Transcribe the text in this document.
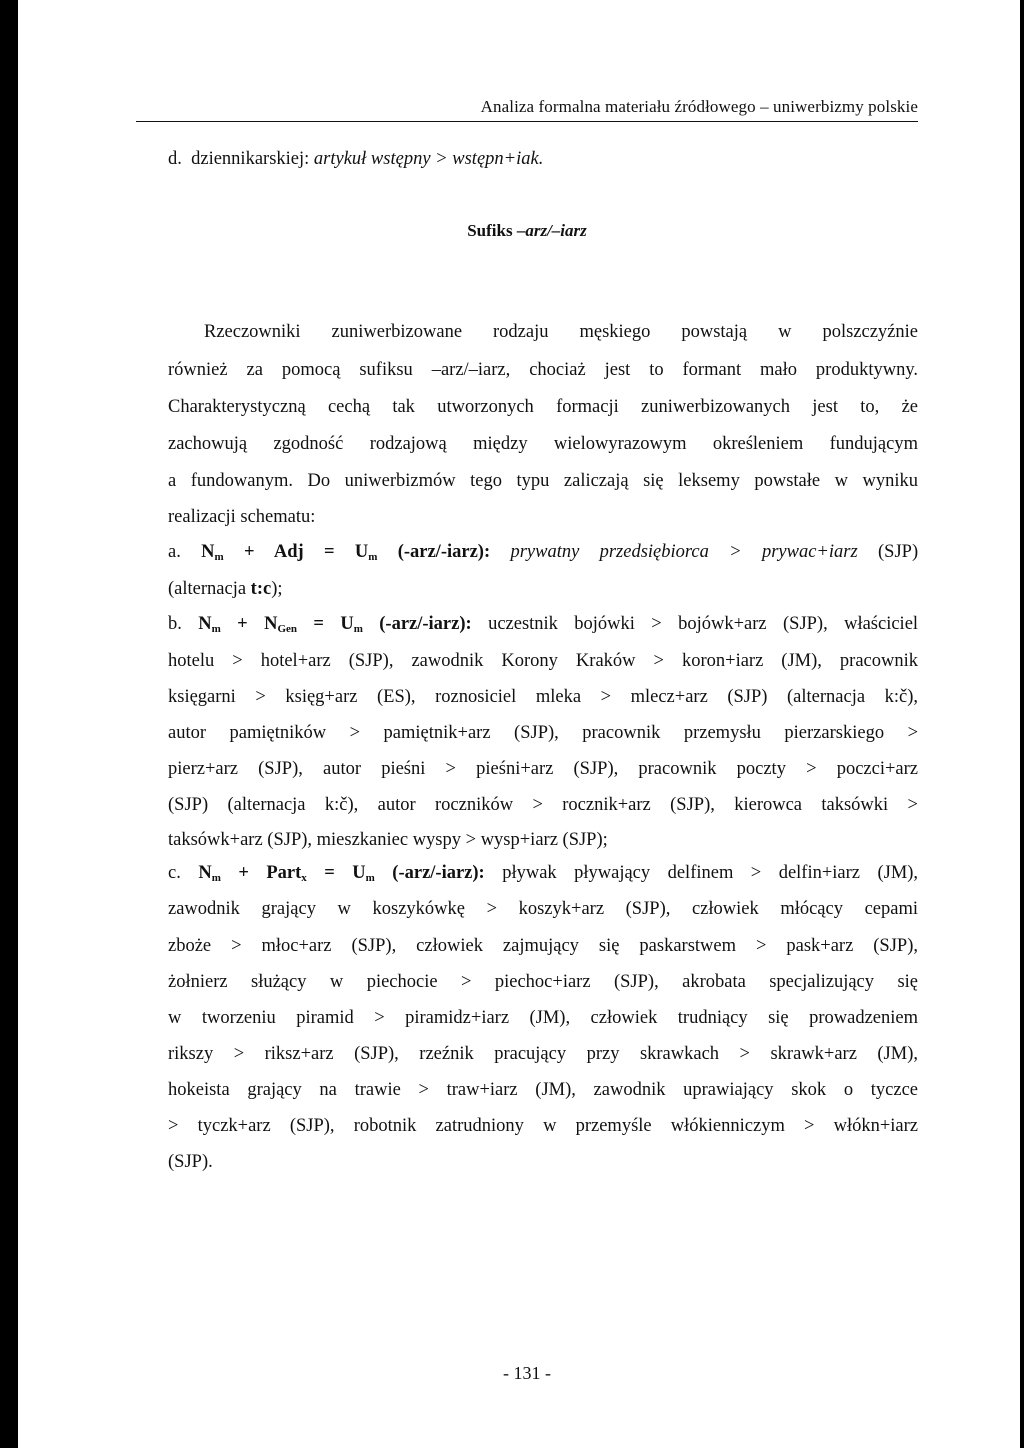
Analiza formalna materiału źródłowego – uniwerbizmy polskie
d. dziennikarskiej: artykuł wstępny > wstępn+iak.
Sufiks –arz/–iarz
Rzeczowniki zuniwerbizowane rodzaju męskiego powstają w polszczyźnie
również za pomocą sufiksu –arz/–iarz, chociaż jest to formant mało produktywny.
Charakterystyczną cechą tak utworzonych formacji zuniwerbizowanych jest to, że
zachowują zgodność rodzajową między wielowyrazowym określeniem fundującym
a fundowanym. Do uniwerbizmów tego typu zaliczają się leksemy powstałe w wyniku
realizacji schematu:
a. $N_m$ + Adj = $U_m$ (-arz/-iarz): prywatny przedsiębiorca > prywac+iarz (SJP)
(alternacja t:c);
b. $N_m + N_{Gen} = U_m$ (-arz/-iarz): uczestnik bojówki > bojówk+arz (SJP), właściciel
hotelu > hotel+arz (SJP), zawodnik Korony Kraków > koron+iarz (JM), pracownik
księgarni > księg+arz (ES), roznosiciel mleka > mlecz+arz (SJP) (alternacja k:č),
autor pamiętników > pamiętnik+arz (SJP), pracownik przemysłu pierzarskiego >
pierz+arz (SJP), autor pieśni > pieśni+arz (SJP), pracownik poczty > poczci+arz
(SJP) (alternacja k:č), autor roczników > rocznik+arz (SJP), kierowca taksówki >
taksówk+arz (SJP), mieszkaniec wyspy > wysp+iarz (SJP);
c. $N_m$ + Part$_x$ = $U_m$ (-arz/-iarz): pływak pływający delfinem > delfin+iarz (JM),
zawodnik grający w koszykówkę > koszyk+arz (SJP), człowiek młócący cepami
zboże > młoc+arz (SJP), człowiek zajmujący się paskarstwem > pask+arz (SJP),
żołnierz służący w piechocie > piechoc+iarz (SJP), akrobata specjalizujący się
w tworzeniu piramid > piramidz+iarz (JM), człowiek trudniący się prowadzeniem
rikszy > riksz+arz (SJP), rzeźnik pracujący przy skrawkach > skrawk+arz (JM),
hokeista grający na trawie > traw+iarz (JM), zawodnik uprawiający skok o tyczce
> tyczk+arz (SJP), robotnik zatrudniony w przemyśle włókienniczym > włókn+iarz
(SJP).
- 131 -
